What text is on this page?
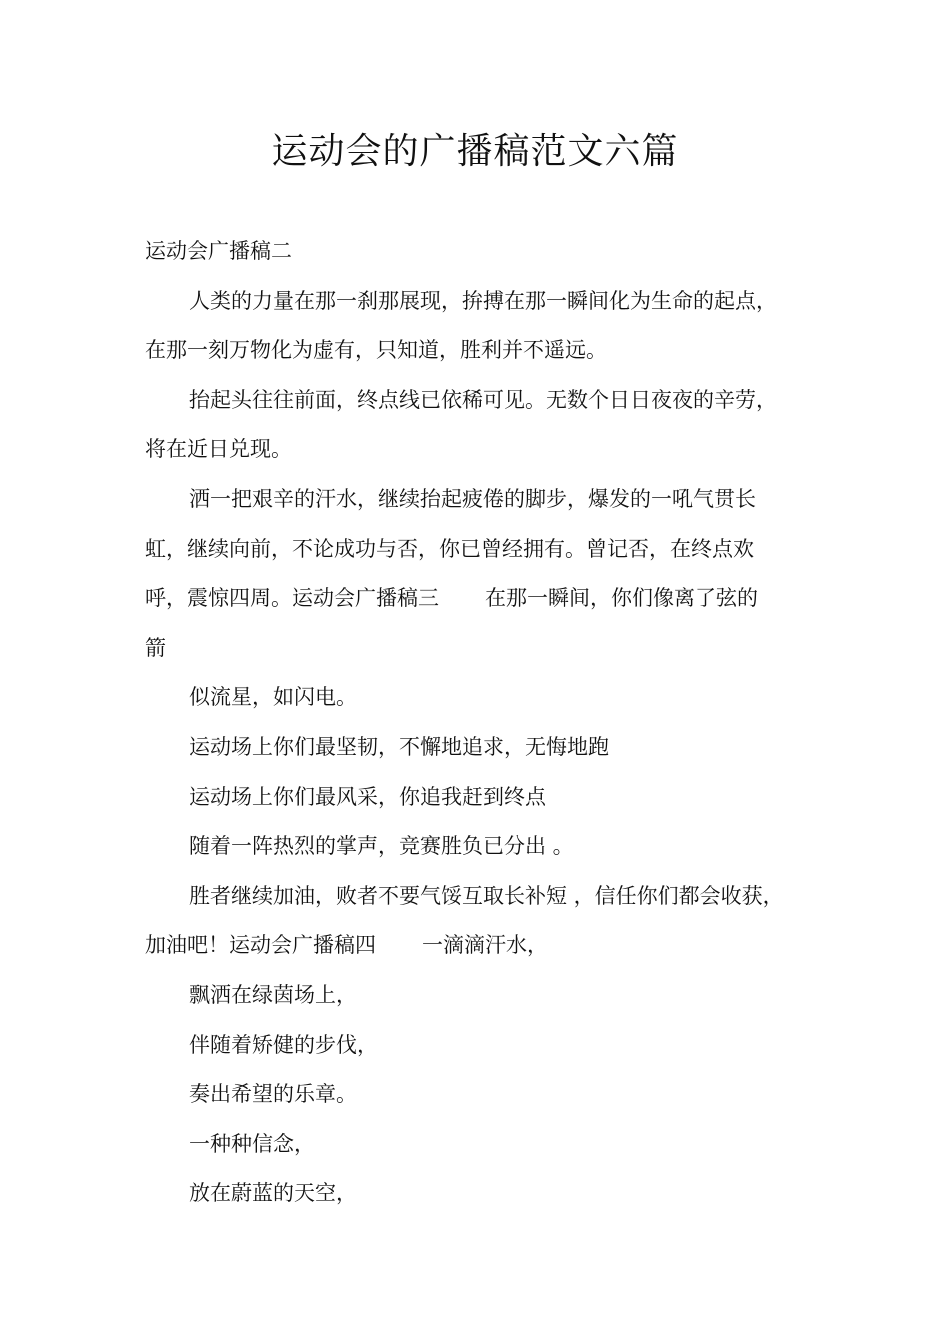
运动会的广播稿范文六篇
运动会广播稿二
人类的力量在那一刹那展现，拚搏在那一瞬间化为生命的起点，
在那一刻万物化为虚有，只知道，胜利并不遥远。
抬起头往往前面，终点线已依稀可见。无数个日日夜夜的辛劳，
将在近日兑现。
洒一把艰辛的汗水，继续抬起疲倦的脚步，爆发的一吼气贯长
虹，继续向前，不论成功与否，你已曾经拥有。曾记否，在终点欢
呼，震惊四周。运动会广播稿三 在那一瞬间，你们像离了弦的
箭
似流星，如闪电。
运动场上你们最坚韧，不懈地追求，无悔地跑
运动场上你们最风采，你追我赶到终点
随着一阵热烈的掌声，竞赛胜负已分出 。
胜者继续加油，败者不要气馁互取长补短 ，信任你们都会收获，
加油吧！运动会广播稿四 一滴滴汗水，
飘洒在绿茵场上，
伴随着矫健的步伐，
奏出希望的乐章。
一种种信念，
放在蔚蓝的天空，
